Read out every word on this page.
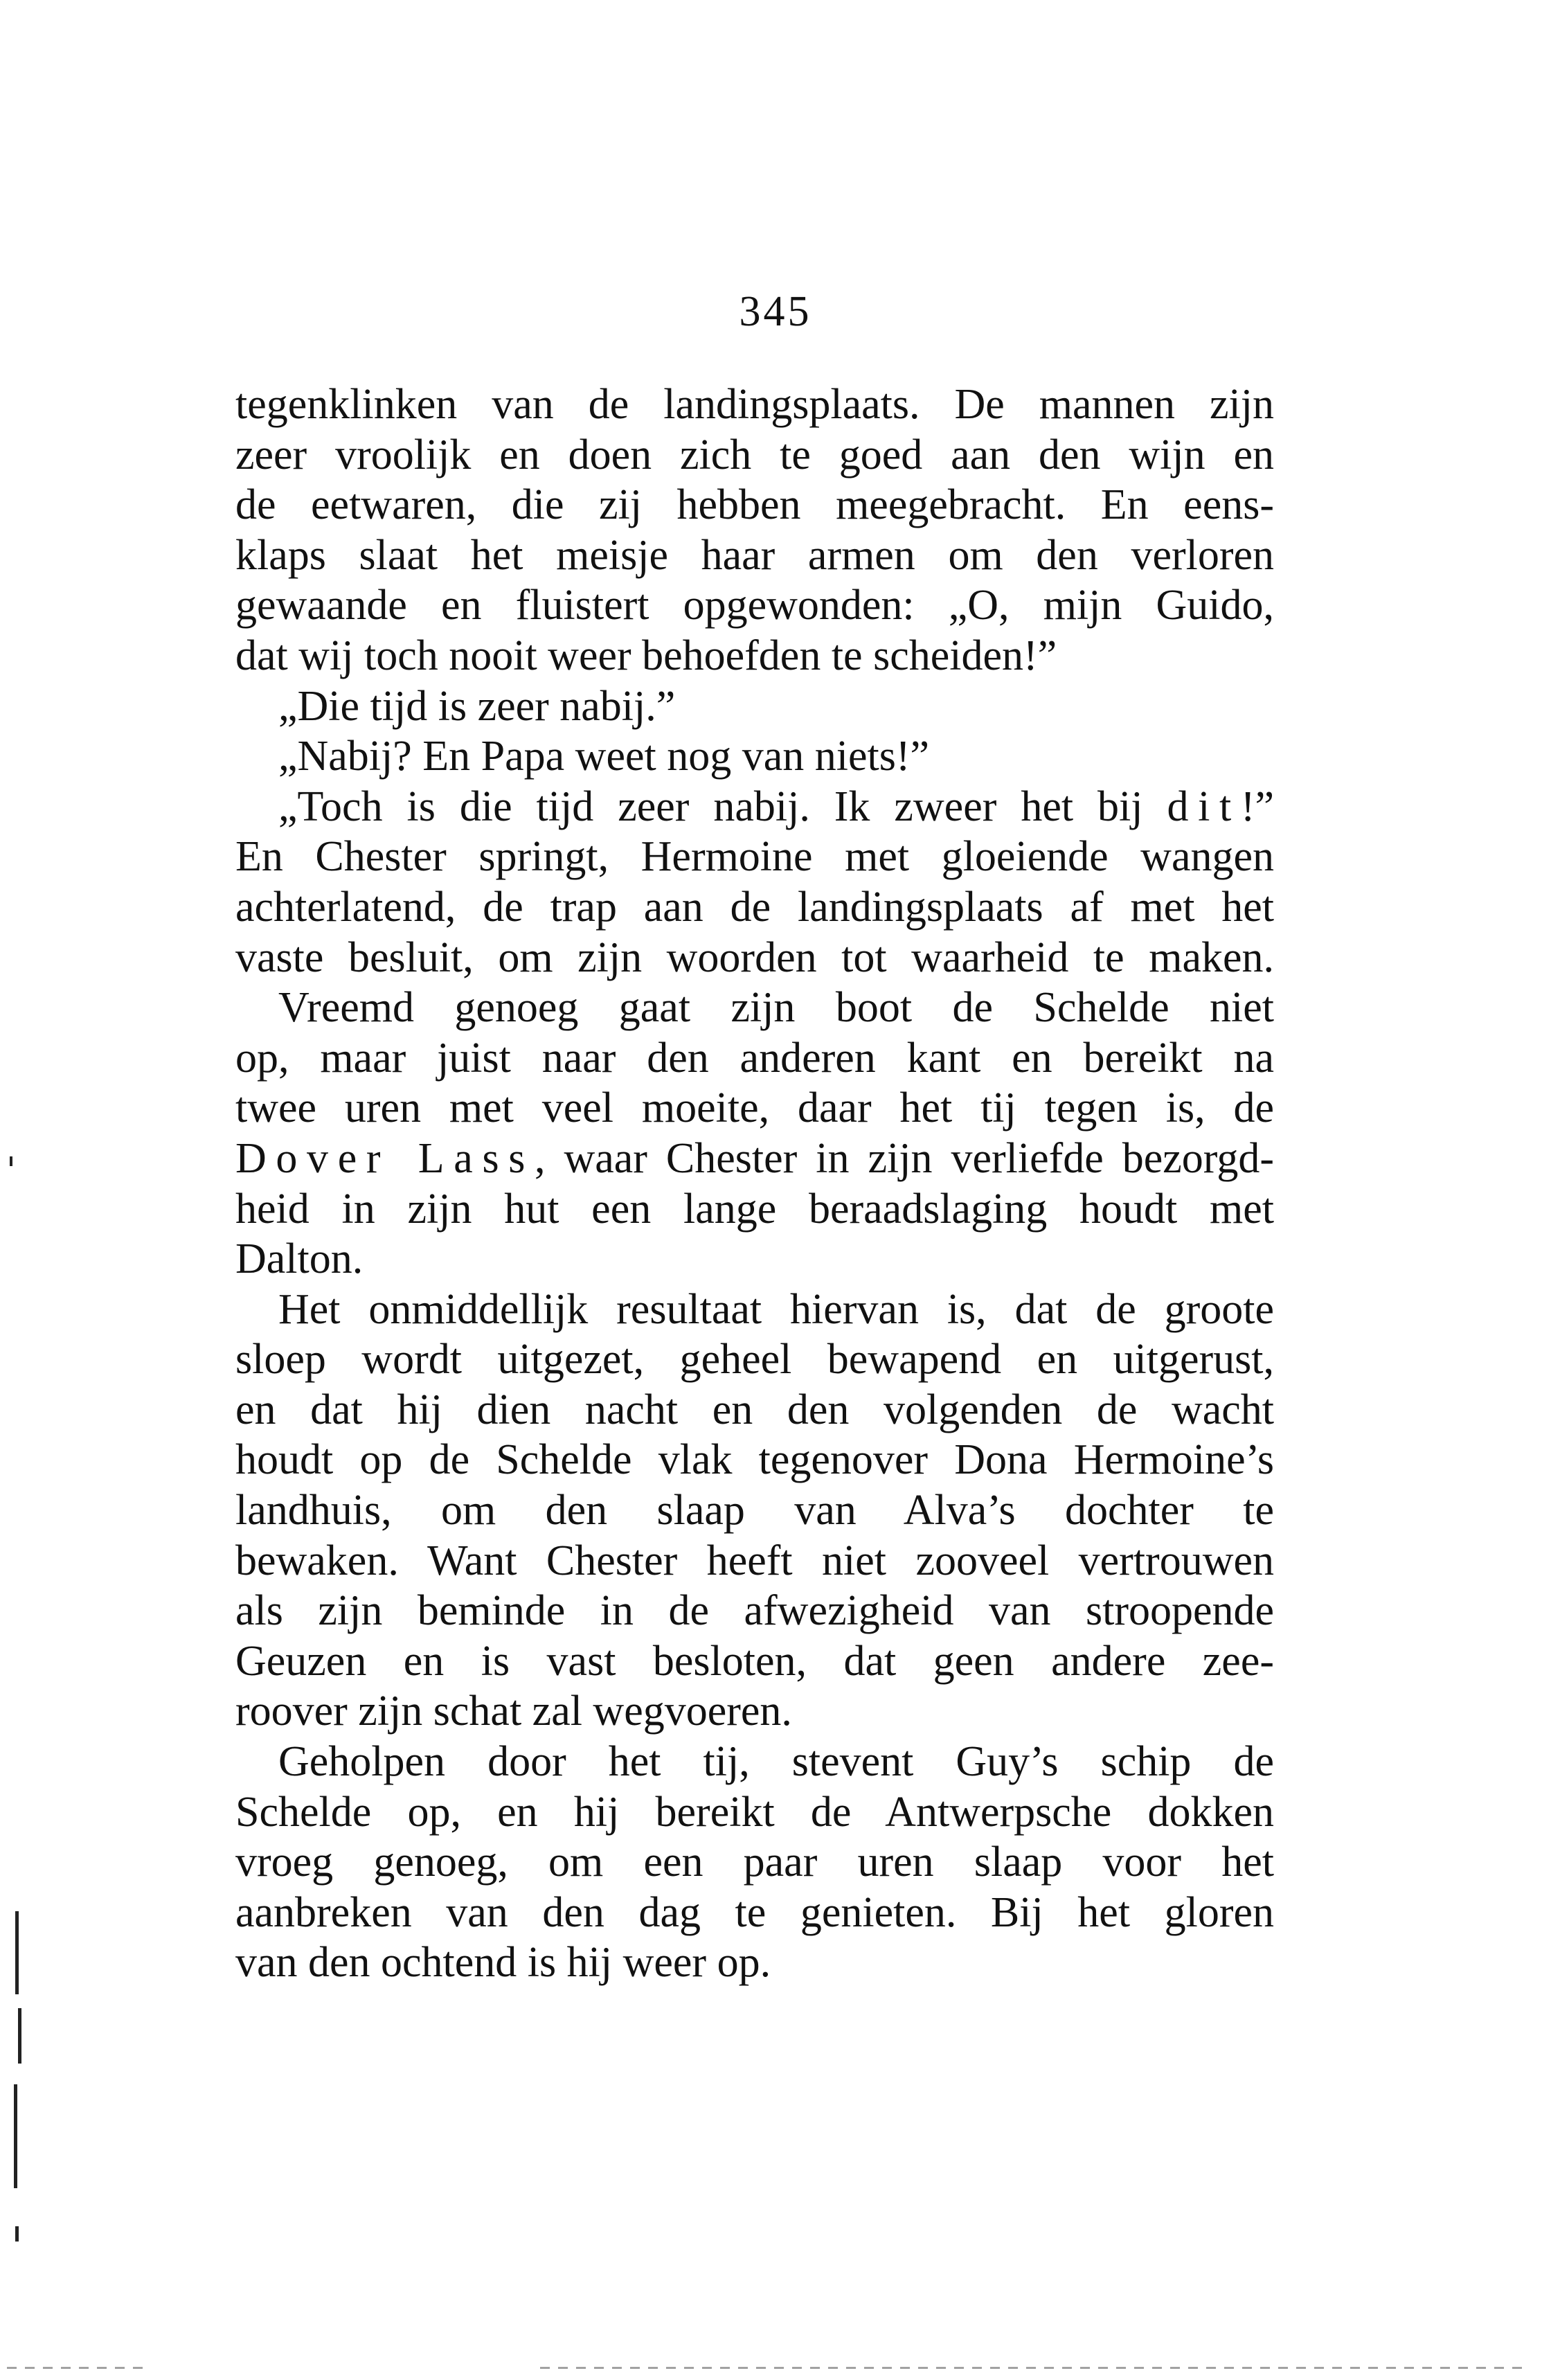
345
tegenklinken van de landingsplaats. De mannen zijn
zeer vroolijk en doen zich te goed aan den wijn en
de eetwaren, die zij hebben meegebracht. En eens-
klaps slaat het meisje haar armen om den verloren
gewaande en fluistert opgewonden: „O, mijn Guido,
dat wij toch nooit weer behoefden te scheiden!”
„Die tijd is zeer nabij.”
„Nabij? En Papa weet nog van niets!”
„Toch is die tijd zeer nabij. Ik zweer het bij dit!”
En Chester springt, Hermoine met gloeiende wangen
achterlatend, de trap aan de landingsplaats af met het
vaste besluit, om zijn woorden tot waarheid te maken.
Vreemd genoeg gaat zijn boot de Schelde niet
op, maar juist naar den anderen kant en bereikt na
twee uren met veel moeite, daar het tij tegen is, de
Dover Lass, waar Chester in zijn verliefde bezorgd-
heid in zijn hut een lange beraadslaging houdt met
Dalton.
Het onmiddellijk resultaat hiervan is, dat de groote
sloep wordt uitgezet, geheel bewapend en uitgerust,
en dat hij dien nacht en den volgenden de wacht
houdt op de Schelde vlak tegenover Dona Hermoine’s
landhuis, om den slaap van Alva’s dochter te
bewaken. Want Chester heeft niet zooveel vertrouwen
als zijn beminde in de afwezigheid van stroopende
Geuzen en is vast besloten, dat geen andere zee-
roover zijn schat zal wegvoeren.
Geholpen door het tij, stevent Guy’s schip de
Schelde op, en hij bereikt de Antwerpsche dokken
vroeg genoeg, om een paar uren slaap voor het
aanbreken van den dag te genieten. Bij het gloren
van den ochtend is hij weer op.
